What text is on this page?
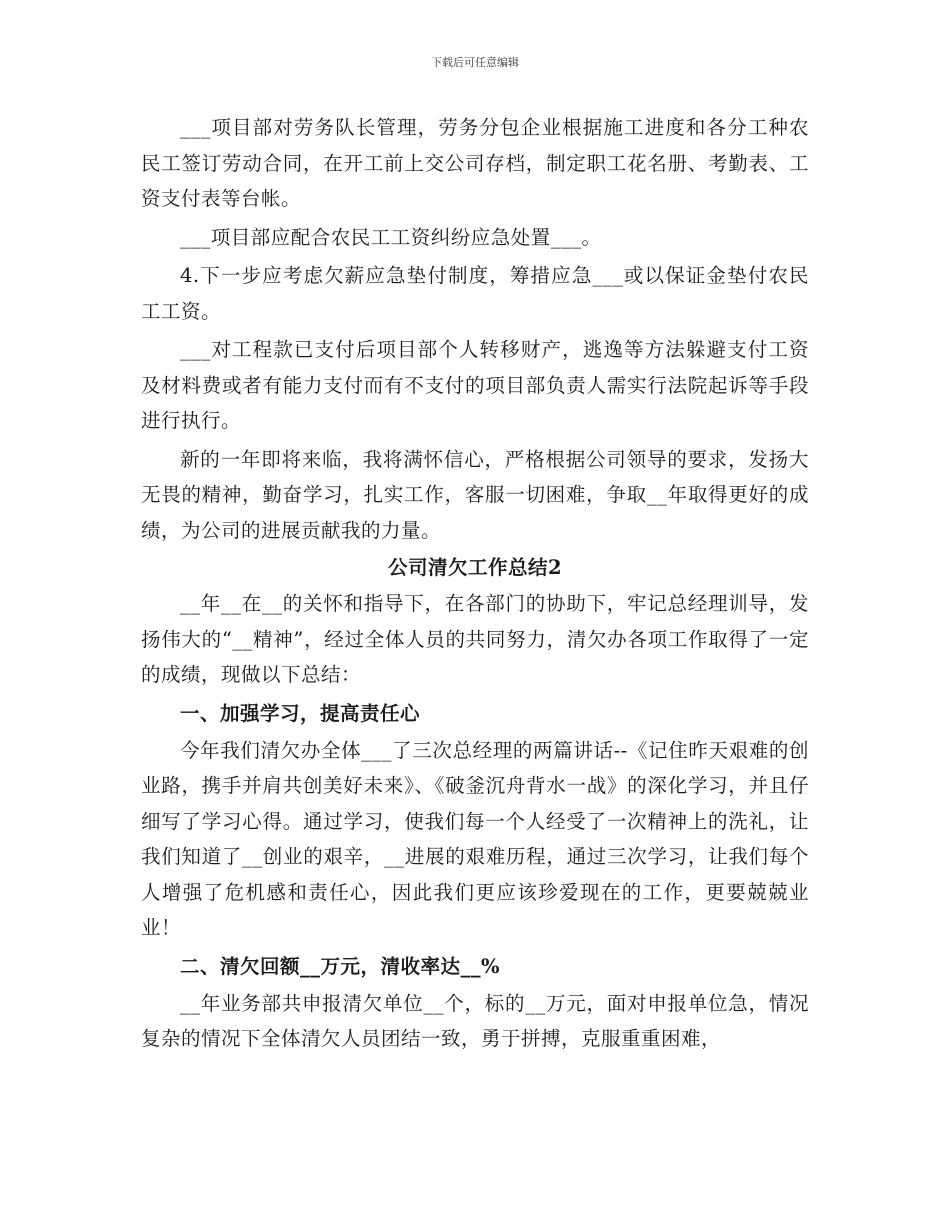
下载后可任意编辑

___项目部对劳务队长管理，劳务分包企业根据施工进度和各分工种农民工签订劳动合同，在开工前上交公司存档，制定职工花名册、考勤表、工资支付表等台帐。

___项目部应配合农民工工资纠纷应急处置___。

4.下一步应考虑欠薪应急垫付制度，筹措应急___或以保证金垫付农民工工资。

___对工程款已支付后项目部个人转移财产，逃逸等方法躲避支付工资及材料费或者有能力支付而有不支付的项目部负责人需实行法院起诉等手段进行执行。

新的一年即将来临，我将满怀信心，严格根据公司领导的要求，发扬大无畏的精神，勤奋学习，扎实工作，客服一切困难，争取__年取得更好的成绩，为公司的进展贡献我的力量。

公司清欠工作总结2

__年__在__的关怀和指导下，在各部门的协助下，牢记总经理训导，发扬伟大的“__精神”，经过全体人员的共同努力，清欠办各项工作取得了一定的成绩，现做以下总结：

一、加强学习，提高责任心

今年我们清欠办全体___了三次总经理的两篇讲话--《记住昨天艰难的创业路，携手并肩共创美好未来》、《破釜沉舟背水一战》的深化学习，并且仔细写了学习心得。通过学习，使我们每一个人经受了一次精神上的洗礼，让我们知道了__创业的艰辛，__进展的艰难历程，通过三次学习，让我们每个人增强了危机感和责任心，因此我们更应该珍爱现在的工作，更要兢兢业业！

二、清欠回额__万元，清收率达__%

__年业务部共申报清欠单位__个，标的__万元，面对申报单位急，情况复杂的情况下全体清欠人员团结一致，勇于拼搏，克服重重困难，
